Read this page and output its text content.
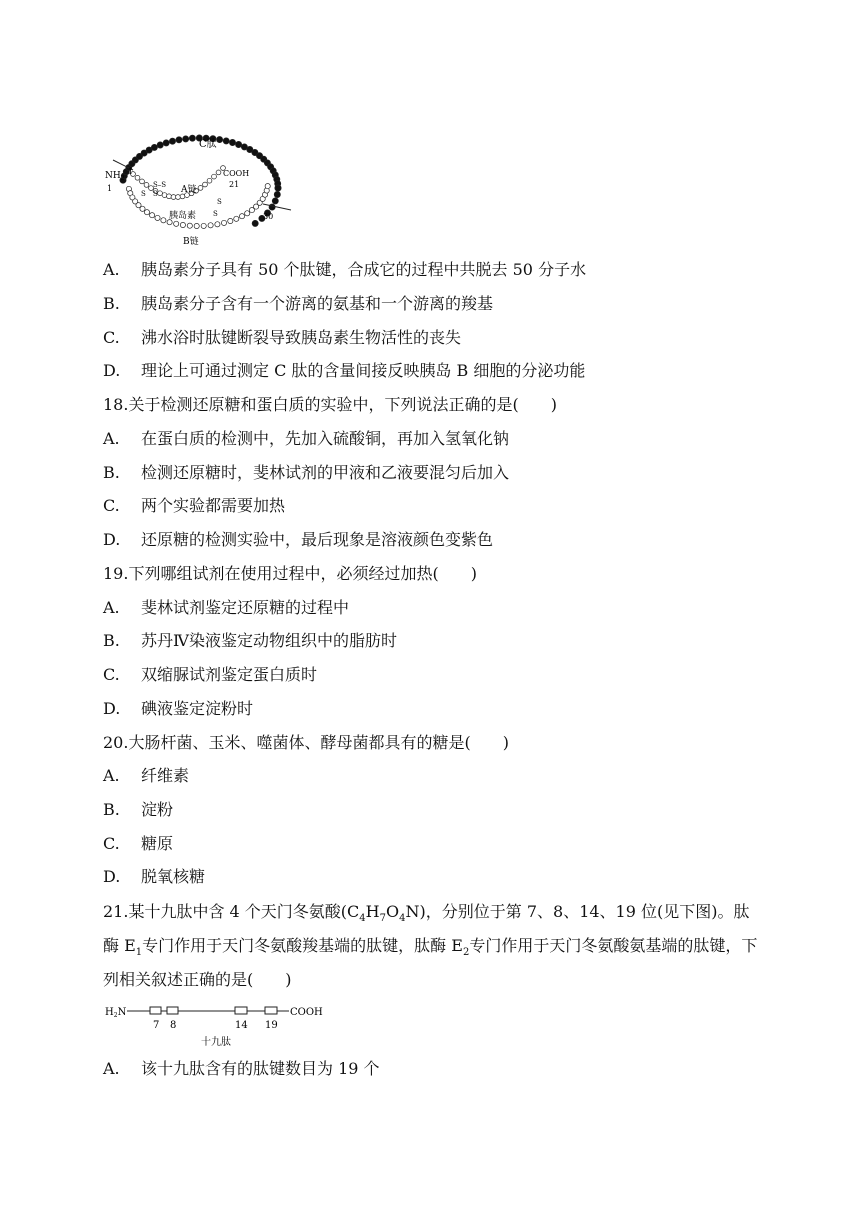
C肽
$NH_2$
1
1
COOH
21
A链
S–S
S S
S
S
胰岛素	30
B链
A. 胰岛素分子具有 50 个肽键，合成它的过程中共脱去 50 分子水
B. 胰岛素分子含有一个游离的氨基和一个游离的羧基
C. 沸水浴时肽键断裂导致胰岛素生物活性的丧失
D. 理论上可通过测定 C 肽的含量间接反映胰岛 B 细胞的分泌功能
18.关于检测还原糖和蛋白质的实验中，下列说法正确的是(　　)
A. 在蛋白质的检测中，先加入硫酸铜，再加入氢氧化钠
B. 检测还原糖时，斐林试剂的甲液和乙液要混匀后加入
C. 两个实验都需要加热
D. 还原糖的检测实验中，最后现象是溶液颜色变紫色
19.下列哪组试剂在使用过程中，必须经过加热(　　)
A. 斐林试剂鉴定还原糖的过程中
B. 苏丹Ⅳ染液鉴定动物组织中的脂肪时
C. 双缩脲试剂鉴定蛋白质时
D. 碘液鉴定淀粉时
20.大肠杆菌、玉米、噬菌体、酵母菌都具有的糖是(　　)
A. 纤维素
B. 淀粉
C. 糖原
D. 脱氧核糖
21.某十九肽中含 4 个天门冬氨酸$(C_4H_7O_4N)$，分别位于第 7、8、14、19 位(见下图)。肽酶 $E_1$专门作用于天门冬氨酸羧基端的肽键，肽酶 $E_2$专门作用于天门冬氨酸氨基端的肽键，下列相关叙述正确的是(　　)
$H_2N$	COOH
7 8	14 19
十九肽
A. 该十九肽含有的肽键数目为 19 个
